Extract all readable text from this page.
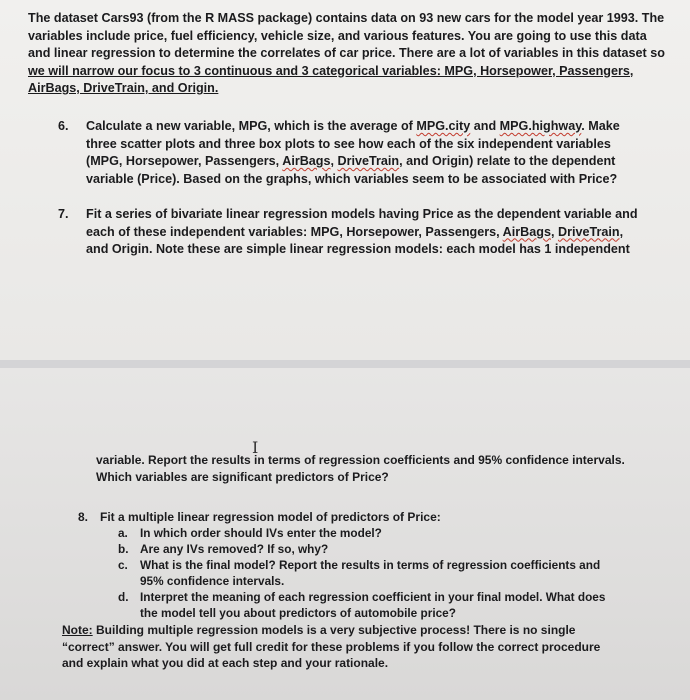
The dataset Cars93 (from the R MASS package) contains data on 93 new cars for the model year 1993. The variables include price, fuel efficiency, vehicle size, and various features. You are going to use this data and linear regression to determine the correlates of car price. There are a lot of variables in this dataset so we will narrow our focus to 3 continuous and 3 categorical variables: MPG, Horsepower, Passengers, AirBags, DriveTrain, and Origin.

6. Calculate a new variable, MPG, which is the average of MPG.city and MPG.highway. Make three scatter plots and three box plots to see how each of the six independent variables (MPG, Horsepower, Passengers, AirBags, DriveTrain, and Origin) relate to the dependent variable (Price). Based on the graphs, which variables seem to be associated with Price?

7. Fit a series of bivariate linear regression models having Price as the dependent variable and each of these independent variables: MPG, Horsepower, Passengers, AirBags, DriveTrain, and Origin. Note these are simple linear regression models: each model has 1 independent

I

variable. Report the results in terms of regression coefficients and 95% confidence intervals. Which variables are significant predictors of Price?

8. Fit a multiple linear regression model of predictors of Price:

a. In which order should IVs enter the model?

b. Are any IVs removed? If so, why?

c. What is the final model? Report the results in terms of regression coefficients and 95% confidence intervals.

d. Interpret the meaning of each regression coefficient in your final model. What does the model tell you about predictors of automobile price?

Note: Building multiple regression models is a very subjective process! There is no single “correct” answer. You will get full credit for these problems if you follow the correct procedure and explain what you did at each step and your rationale.
